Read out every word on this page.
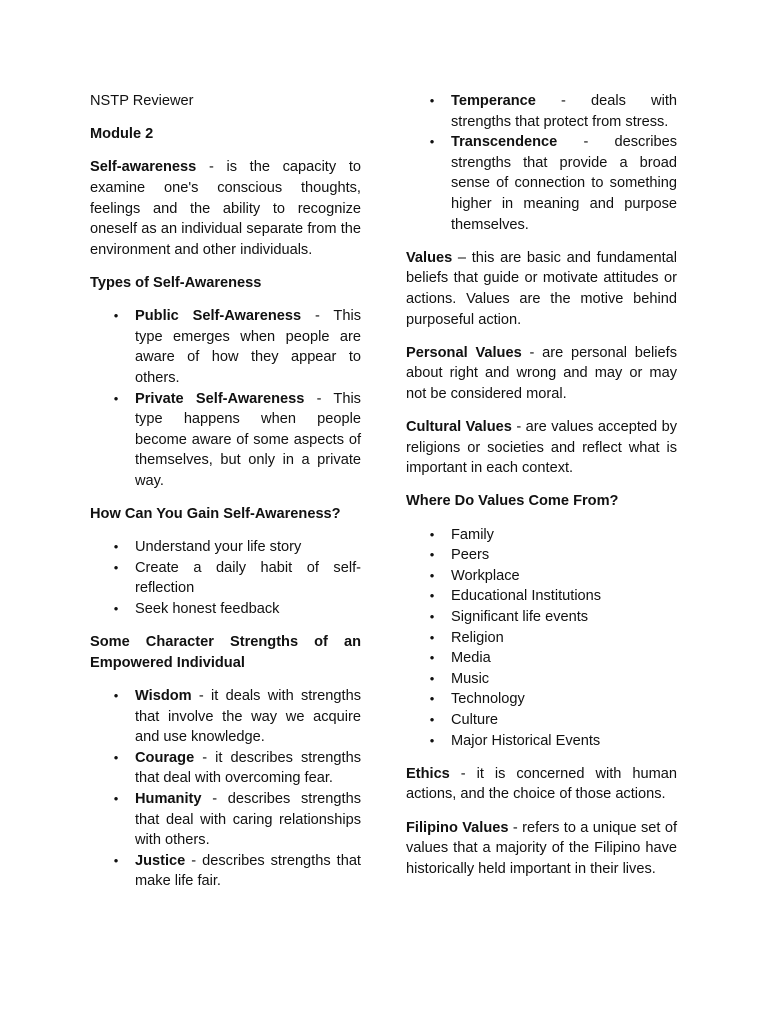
NSTP Reviewer

Module 2

Self-awareness - is the capacity to examine one's conscious thoughts, feelings and the ability to recognize oneself as an individual separate from the environment and other individuals.

Types of Self-Awareness

• Public Self-Awareness - This type emerges when people are aware of how they appear to others.
• Private Self-Awareness - This type happens when people become aware of some aspects of themselves, but only in a private way.

How Can You Gain Self-Awareness?

• Understand your life story
• Create a daily habit of self-reflection
• Seek honest feedback

Some Character Strengths of an Empowered Individual

• Wisdom - it deals with strengths that involve the way we acquire and use knowledge.
• Courage - it describes strengths that deal with overcoming fear.
• Humanity - describes strengths that deal with caring relationships with others.
• Justice - describes strengths that make life fair.
• Temperance - deals with strengths that protect from stress.
• Transcendence - describes strengths that provide a broad sense of connection to something higher in meaning and purpose themselves.

Values – this are basic and fundamental beliefs that guide or motivate attitudes or actions. Values are the motive behind purposeful action.

Personal Values - are personal beliefs about right and wrong and may or may not be considered moral.

Cultural Values - are values accepted by religions or societies and reflect what is important in each context.

Where Do Values Come From?

• Family
• Peers
• Workplace
• Educational Institutions
• Significant life events
• Religion
• Media
• Music
• Technology
• Culture
• Major Historical Events

Ethics - it is concerned with human actions, and the choice of those actions.

Filipino Values - refers to a unique set of values that a majority of the Filipino have historically held important in their lives.
